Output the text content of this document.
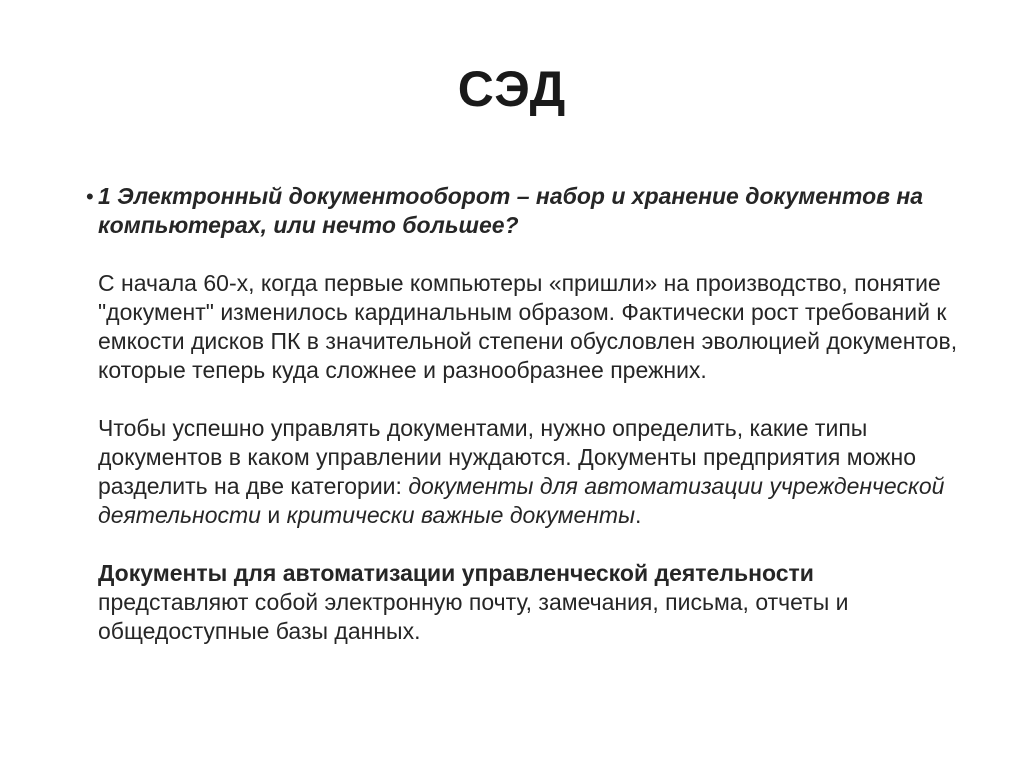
СЭД
• 1 Электронный документооборот – набор и хранение документов на компьютерах, или нечто большее?
С начала 60-х, когда первые компьютеры «пришли» на производство, понятие "документ" изменилось кардинальным образом. Фактически рост требований к емкости дисков ПК в значительной степени обусловлен эволюцией документов, которые теперь куда сложнее и разнообразнее прежних.
Чтобы успешно управлять документами, нужно определить, какие типы документов в каком управлении нуждаются. Документы предприятия можно разделить на две категории: документы для автоматизации учрежденческой деятельности и критически важные документы.
Документы для автоматизации управленческой деятельности представляют собой электронную почту, замечания, письма, отчеты и общедоступные базы данных.
